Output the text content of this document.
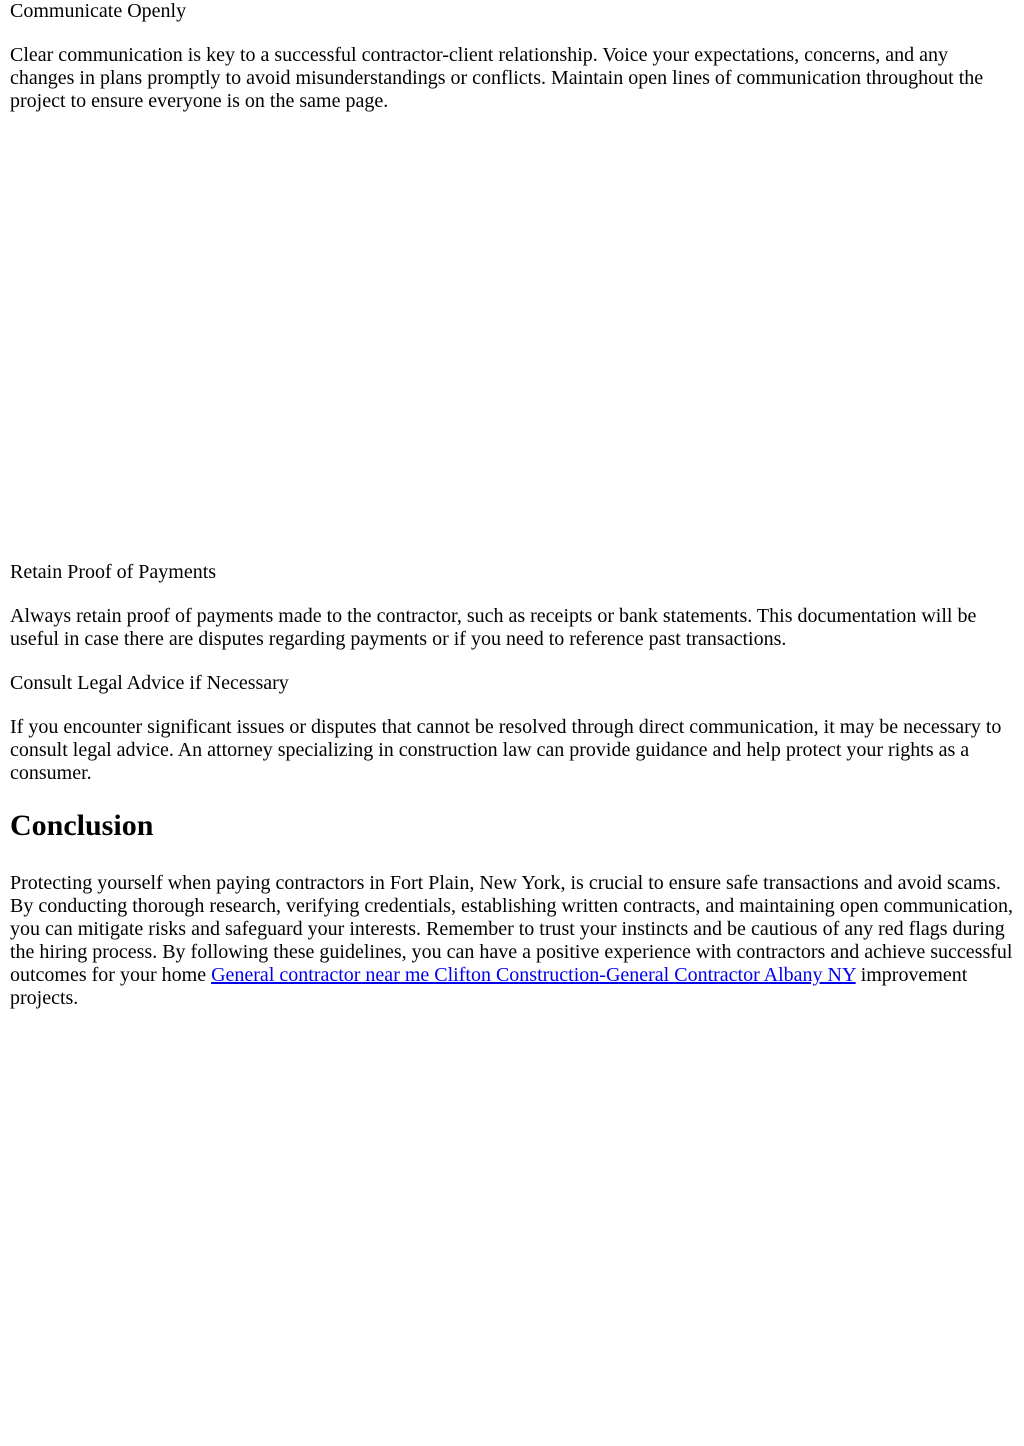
Communicate Openly

Clear communication is key to a successful contractor-client relationship. Voice your expectations, concerns, and any changes in plans promptly to avoid misunderstandings or conflicts. Maintain open lines of communication throughout the project to ensure everyone is on the same page.

Retain Proof of Payments

Always retain proof of payments made to the contractor, such as receipts or bank statements. This documentation will be useful in case there are disputes regarding payments or if you need to reference past transactions.

Consult Legal Advice if Necessary

If you encounter significant issues or disputes that cannot be resolved through direct communication, it may be necessary to consult legal advice. An attorney specializing in construction law can provide guidance and help protect your rights as a consumer.

Conclusion

Protecting yourself when paying contractors in Fort Plain, New York, is crucial to ensure safe transactions and avoid scams. By conducting thorough research, verifying credentials, establishing written contracts, and maintaining open communication, you can mitigate risks and safeguard your interests. Remember to trust your instincts and be cautious of any red flags during the hiring process. By following these guidelines, you can have a positive experience with contractors and achieve successful outcomes for your home General contractor near me Clifton Construction-General Contractor Albany NY improvement projects.
